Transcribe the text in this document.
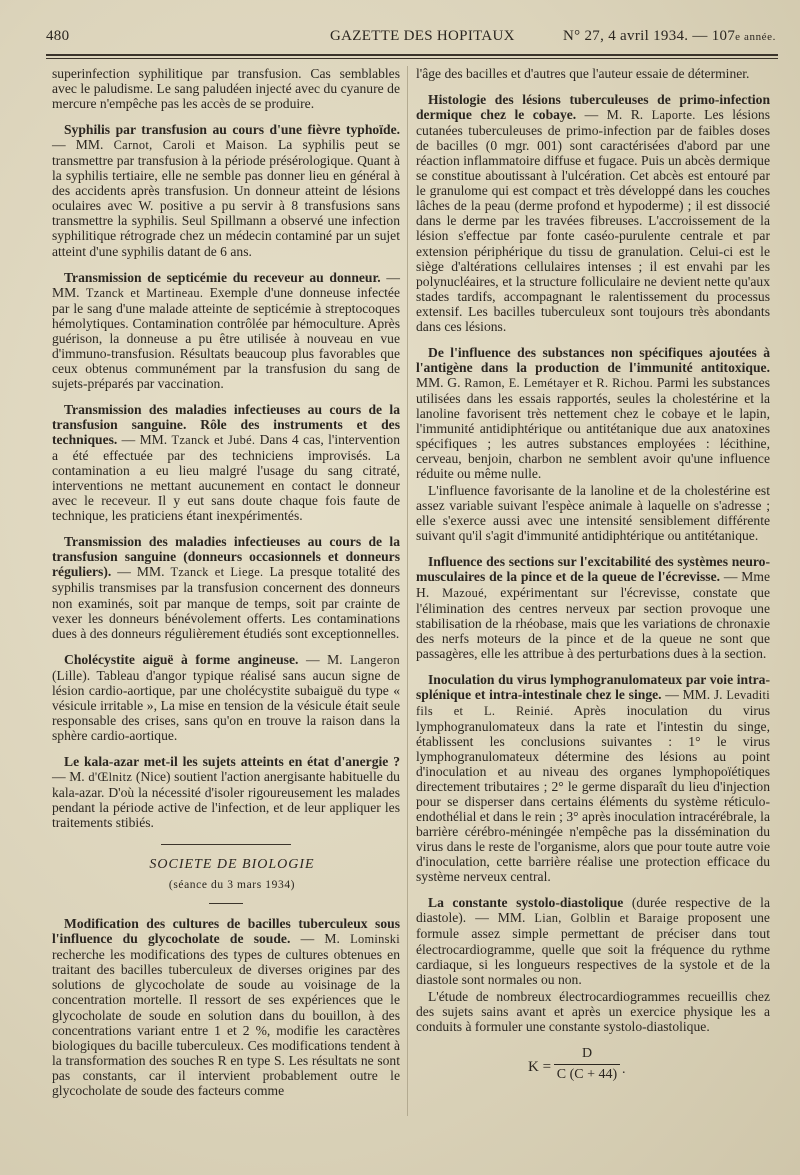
480	GAZETTE DES HOPITAUX	N° 27, 4 avril 1934. — 107e année.

superinfection syphilitique par transfusion. Cas semblables avec le paludisme. Le sang paludéen injecté avec du cyanure de mercure n'empêche pas les accès de se produire.

Syphilis par transfusion au cours d'une fièvre typhoïde. — MM. Carnot, Caroli et Maison. La syphilis peut se transmettre par transfusion à la période présérologique. Quant à la syphilis tertiaire, elle ne semble pas donner lieu en général à des accidents après transfusion. Un donneur atteint de lésions oculaires avec W. positive a pu servir à 8 transfusions sans transmettre la syphilis. Seul Spillmann a observé une infection syphilitique rétrograde chez un médecin contaminé par un sujet atteint d'une syphilis datant de 6 ans.

Transmission de septicémie du receveur au donneur. — MM. Tzanck et Martineau. Exemple d'une donneuse infectée par le sang d'une malade atteinte de septicémie à streptocoques hémolytiques. Contamination contrôlée par hémoculture. Après guérison, la donneuse a pu être utilisée à nouveau en vue d'immuno-transfusion. Résultats beaucoup plus favorables que ceux obtenus communément par la transfusion du sang de sujets-préparés par vaccination.

Transmission des maladies infectieuses au cours de la transfusion sanguine. Rôle des instruments et des techniques. — MM. Tzanck et Jubé. Dans 4 cas, l'intervention a été effectuée par des techniciens improvisés. La contamination a eu lieu malgré l'usage du sang citraté, interventions ne mettant aucunement en contact le donneur avec le receveur. Il y eut sans doute chaque fois faute de technique, les praticiens étant inexpérimentés.

Transmission des maladies infectieuses au cours de la transfusion sanguine (donneurs occasionnels et donneurs réguliers). — MM. Tzanck et Liege. La presque totalité des syphilis transmises par la transfusion concernent des donneurs non examinés, soit par manque de temps, soit par crainte de vexer les donneurs bénévolement offerts. Les contaminations dues à des donneurs régulièrement étudiés sont exceptionnelles.

Cholécystite aiguë à forme angineuse. — M. Langeron (Lille). Tableau d'angor typique réalisé sans aucun signe de lésion cardio-aortique, par une cholécystite subaiguë du type « vésicule irritable », La mise en tension de la vésicule était seule responsable des crises, sans qu'on en trouve la raison dans la sphère cardio-aortique.

Le kala-azar met-il les sujets atteints en état d'anergie ? — M. d'Œlnitz (Nice) soutient l'action anergisante habituelle du kala-azar. D'où la nécessité d'isoler rigoureusement les malades pendant la période active de l'infection, et de leur appliquer les traitements stibiés.

SOCIETE DE BIOLOGIE

(séance du 3 mars 1934)

Modification des cultures de bacilles tuberculeux sous l'influence du glycocholate de soude. — M. Lominski recherche les modifications des types de cultures obtenues en traitant des bacilles tuberculeux de diverses origines par des solutions de glycocholate de soude au voisinage de la concentration mortelle. Il ressort de ses expériences que le glycocholate de soude en solution dans du bouillon, à des concentrations variant entre 1 et 2 %, modifie les caractères biologiques du bacille tuberculeux. Ces modifications tendent à la transformation des souches R en type S. Les résultats ne sont pas constants, car il intervient probablement outre le glycocholate de soude des facteurs comme

l'âge des bacilles et d'autres que l'auteur essaie de déterminer.

Histologie des lésions tuberculeuses de primo-infection dermique chez le cobaye. — M. R. Laporte. Les lésions cutanées tuberculeuses de primo-infection par de faibles doses de bacilles (0 mgr. 001) sont caractérisées d'abord par une réaction inflammatoire diffuse et fugace. Puis un abcès dermique se constitue aboutissant à l'ulcération. Cet abcès est entouré par le granulome qui est compact et très développé dans les couches lâches de la peau (derme profond et hypoderme) ; il est dissocié dans le derme par les travées fibreuses. L'accroissement de la lésion s'effectue par fonte caséo-purulente centrale et par extension périphérique du tissu de granulation. Celui-ci est le siège d'altérations cellulaires intenses ; il est envahi par les polynucléaires, et la structure folliculaire ne devient nette qu'aux stades tardifs, accompagnant le ralentissement du processus extensif. Les bacilles tuberculeux sont toujours très abondants dans ces lésions.

De l'influence des substances non spécifiques ajoutées à l'antigène dans la production de l'immunité antitoxique. MM. G. Ramon, E. Lemétayer et R. Richou. Parmi les substances utilisées dans les essais rapportés, seules la cholestérine et la lanoline favorisent très nettement chez le cobaye et le lapin, l'immunité antidiphtérique ou antitétanique due aux anatoxines spécifiques ; les autres substances employées : lécithine, cerveau, benjoin, charbon ne semblent avoir qu'une influence réduite ou même nulle.

L'influence favorisante de la lanoline et de la cholestérine est assez variable suivant l'espèce animale à laquelle on s'adresse ; elle s'exerce aussi avec une intensité sensiblement différente suivant qu'il s'agit d'immunité antidiphtérique ou antitétanique.

Influence des sections sur l'excitabilité des systèmes neuro-musculaires de la pince et de la queue de l'écrevisse. — Mme H. Mazoué, expérimentant sur l'écrevisse, constate que l'élimination des centres nerveux par section provoque une stabilisation de la rhéobase, mais que les variations de chronaxie des nerfs moteurs de la pince et de la queue ne sont que passagères, elle les attribue à des perturbations dues à la section.

Inoculation du virus lymphogranulomateux par voie intra-splénique et intra-intestinale chez le singe. — MM. J. Levaditi fils et L. Reinié. Après inoculation du virus lymphogranulomateux dans la rate et l'intestin du singe, établissent les conclusions suivantes : 1° le virus lymphogranulomateux détermine des lésions au point d'inoculation et au niveau des organes lymphopoïétiques directement tributaires ; 2° le germe disparaît du lieu d'injection pour se disperser dans certains éléments du système réticulo-endothélial et dans le rein ; 3° après inoculation intracérébrale, la barrière cérébro-méningée n'empêche pas la dissémination du virus dans le reste de l'organisme, alors que pour toute autre voie d'inoculation, cette barrière réalise une protection efficace du système nerveux central.

La constante systolo-diastolique (durée respective de la diastole). — MM. Lian, Golblin et Baraige proposent une formule assez simple permettant de préciser dans tout électrocardiogramme, quelle que soit la fréquence du rythme cardiaque, si les longueurs respectives de la systole et de la diastole sont normales ou non.

L'étude de nombreux électrocardiogrammes recueillis chez des sujets sains avant et après un exercice physique les a conduits à formuler une constante systolo-diastolique.

K =
D
C (C + 44) .
